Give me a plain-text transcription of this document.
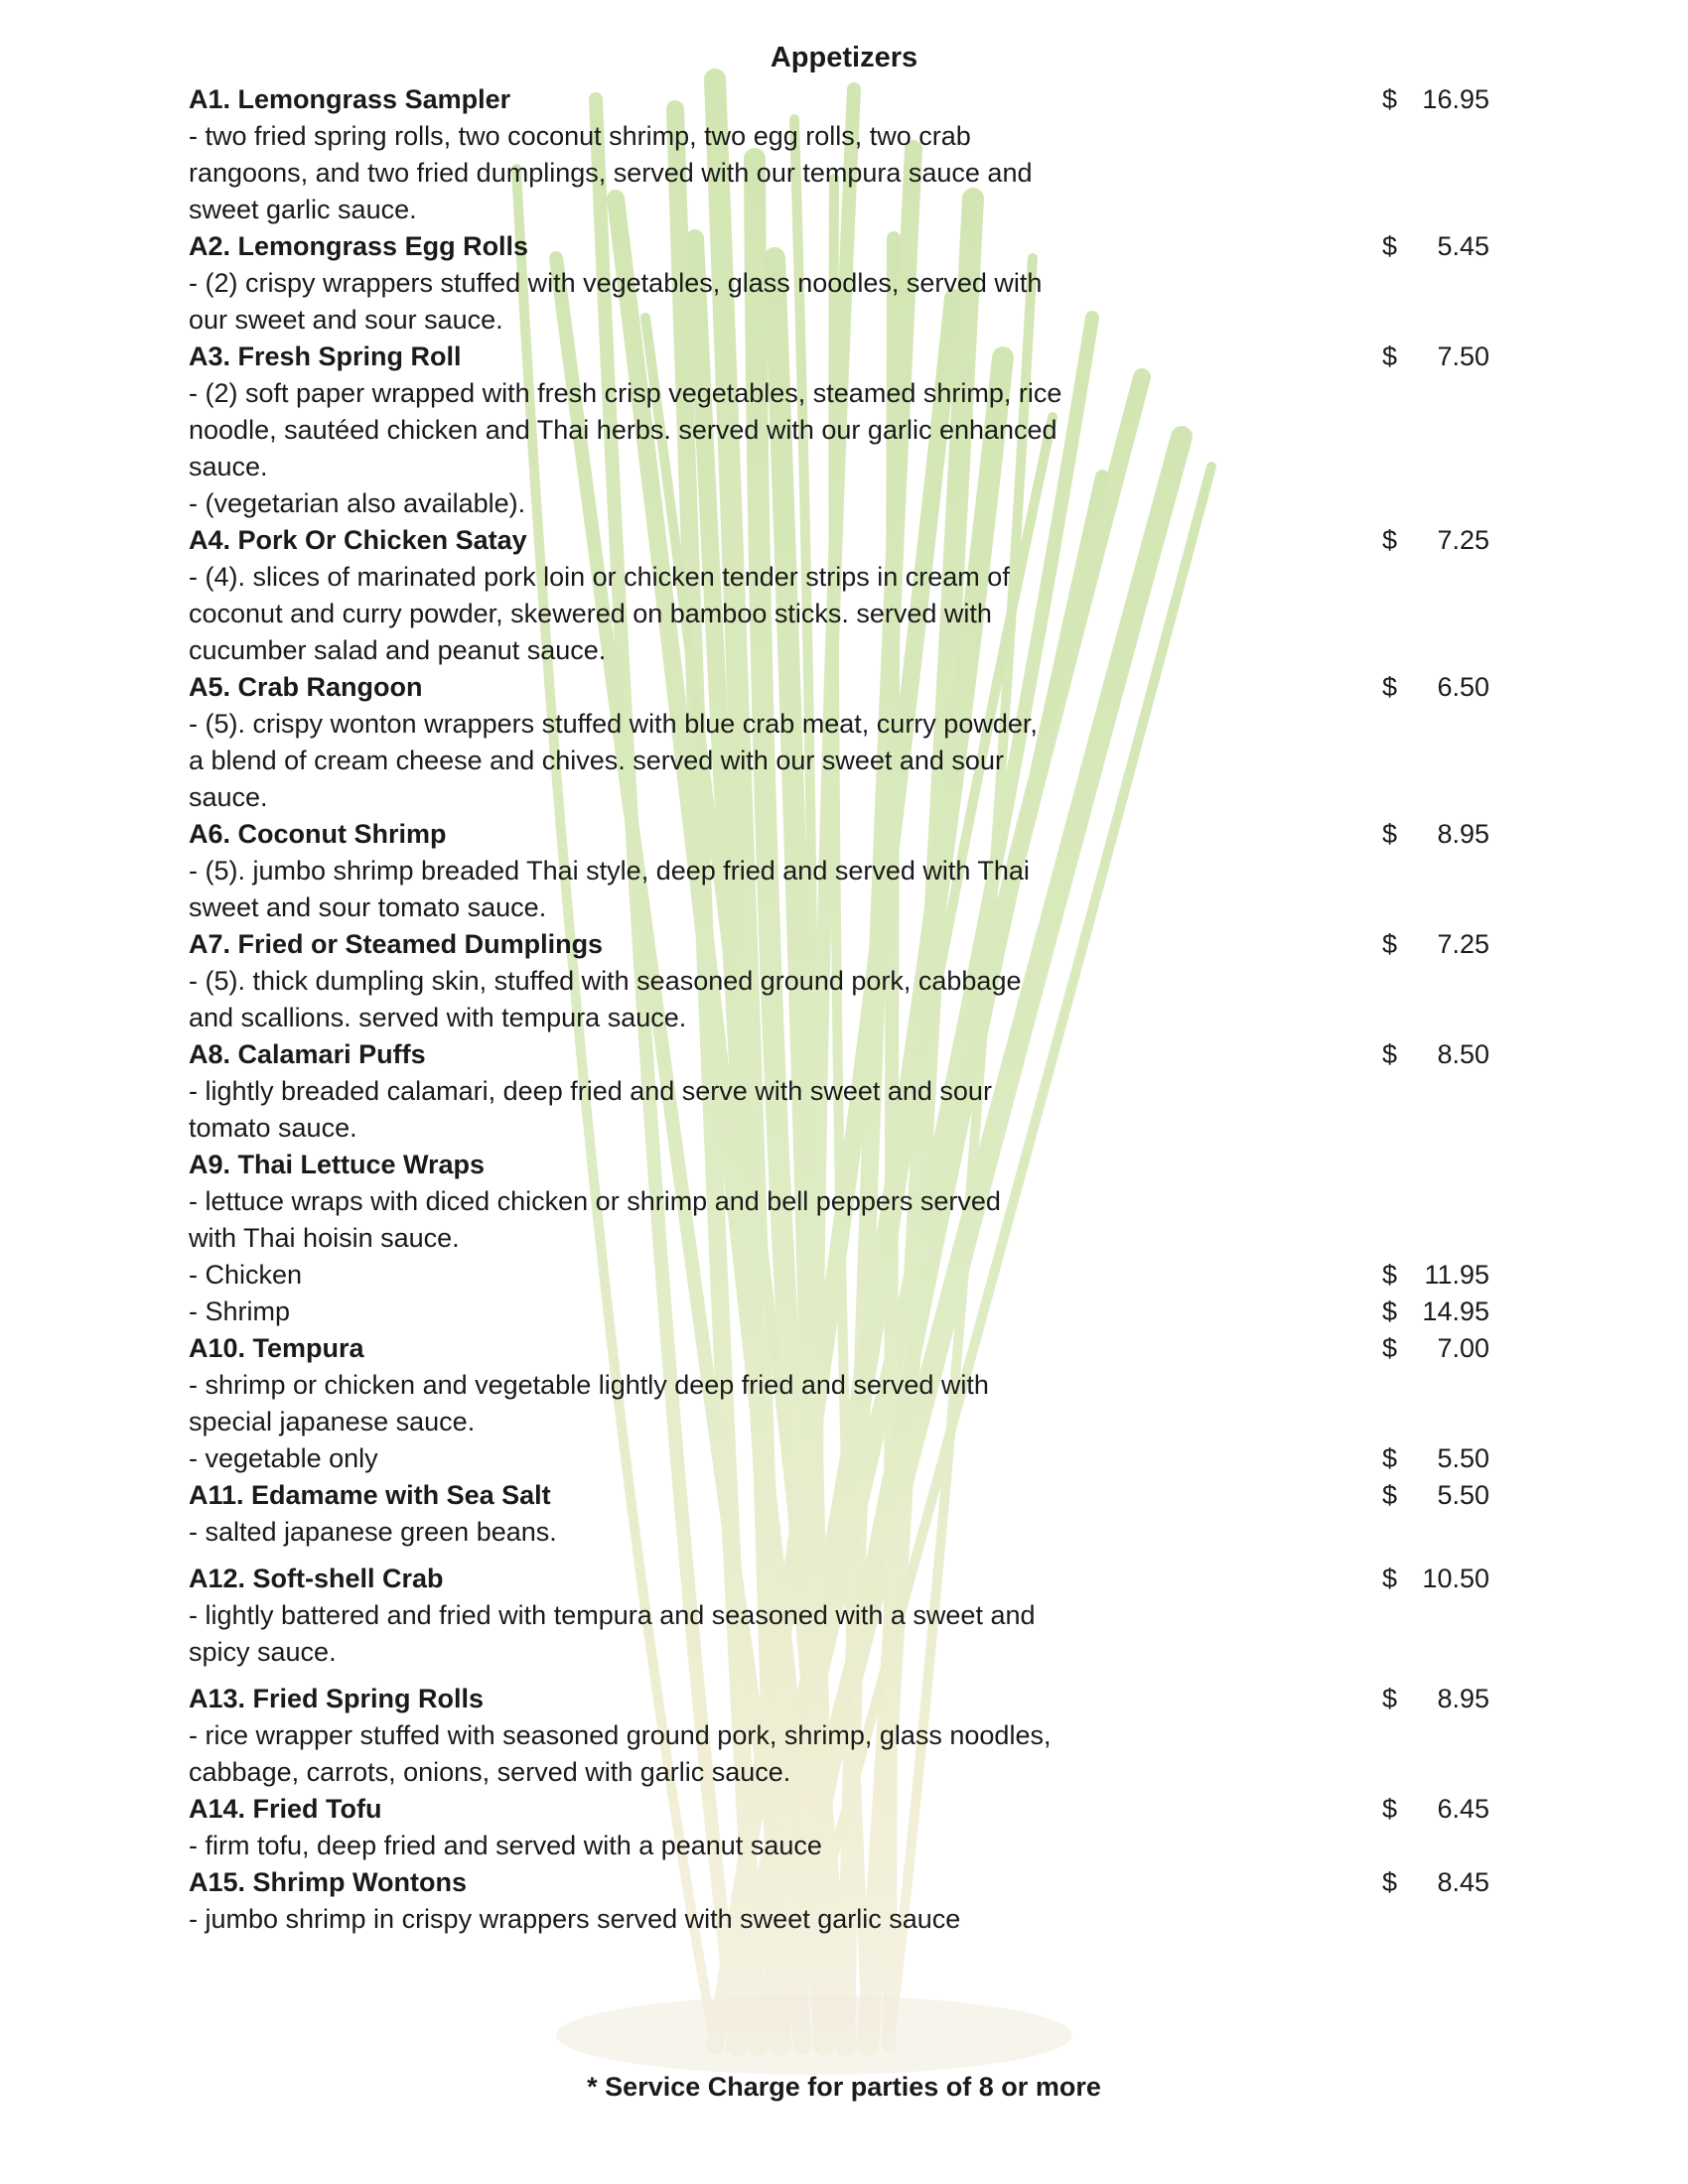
Appetizers
A1. Lemongrass Sampler	$ 16.95
- two fried spring rolls, two coconut shrimp, two egg rolls, two crab
rangoons, and two fried dumplings, served with our tempura sauce and
sweet garlic sauce.
A2. Lemongrass Egg Rolls	$ 5.45
- (2) crispy wrappers stuffed with vegetables, glass noodles, served with
our sweet and sour sauce.
A3. Fresh Spring Roll	$ 7.50
- (2) soft paper wrapped with fresh crisp vegetables, steamed shrimp, rice
noodle, sautéed chicken and Thai herbs. served with our garlic enhanced
sauce.
- (vegetarian also available).
A4. Pork Or Chicken Satay	$ 7.25
- (4). slices of marinated pork loin or chicken tender strips in cream of
coconut and curry powder, skewered on bamboo sticks. served with
cucumber salad and peanut sauce.
A5. Crab Rangoon	$ 6.50
- (5). crispy wonton wrappers stuffed with blue crab meat, curry powder,
a blend of cream cheese and chives. served with our sweet and sour
sauce.
A6. Coconut Shrimp	$ 8.95
- (5). jumbo shrimp breaded Thai style, deep fried and served with Thai
sweet and sour tomato sauce.
A7. Fried or Steamed Dumplings	$ 7.25
- (5). thick dumpling skin, stuffed with seasoned ground pork, cabbage
and scallions. served with tempura sauce.
A8. Calamari Puffs	$ 8.50
- lightly breaded calamari, deep fried and serve with sweet and sour
tomato sauce.
A9. Thai Lettuce Wraps
- lettuce wraps with diced chicken or shrimp and bell peppers served
with Thai hoisin sauce.
- Chicken	$ 11.95
- Shrimp	$ 14.95
A10. Tempura	$ 7.00
- shrimp or chicken and vegetable lightly deep fried and served with
special japanese sauce.
- vegetable only	$ 5.50
A11. Edamame with Sea Salt	$ 5.50
- salted japanese green beans.
A12. Soft-shell Crab	$ 10.50
- lightly battered and fried with tempura and seasoned with a sweet and
spicy sauce.
A13. Fried Spring Rolls	$ 8.95
- rice wrapper stuffed with seasoned ground pork, shrimp, glass noodles,
cabbage, carrots, onions, served with garlic sauce.
A14. Fried Tofu	$ 6.45
- firm tofu, deep fried and served with a peanut sauce
A15. Shrimp Wontons	$ 8.45
- jumbo shrimp in crispy wrappers served with sweet garlic sauce
* Service Charge for parties of 8 or more
